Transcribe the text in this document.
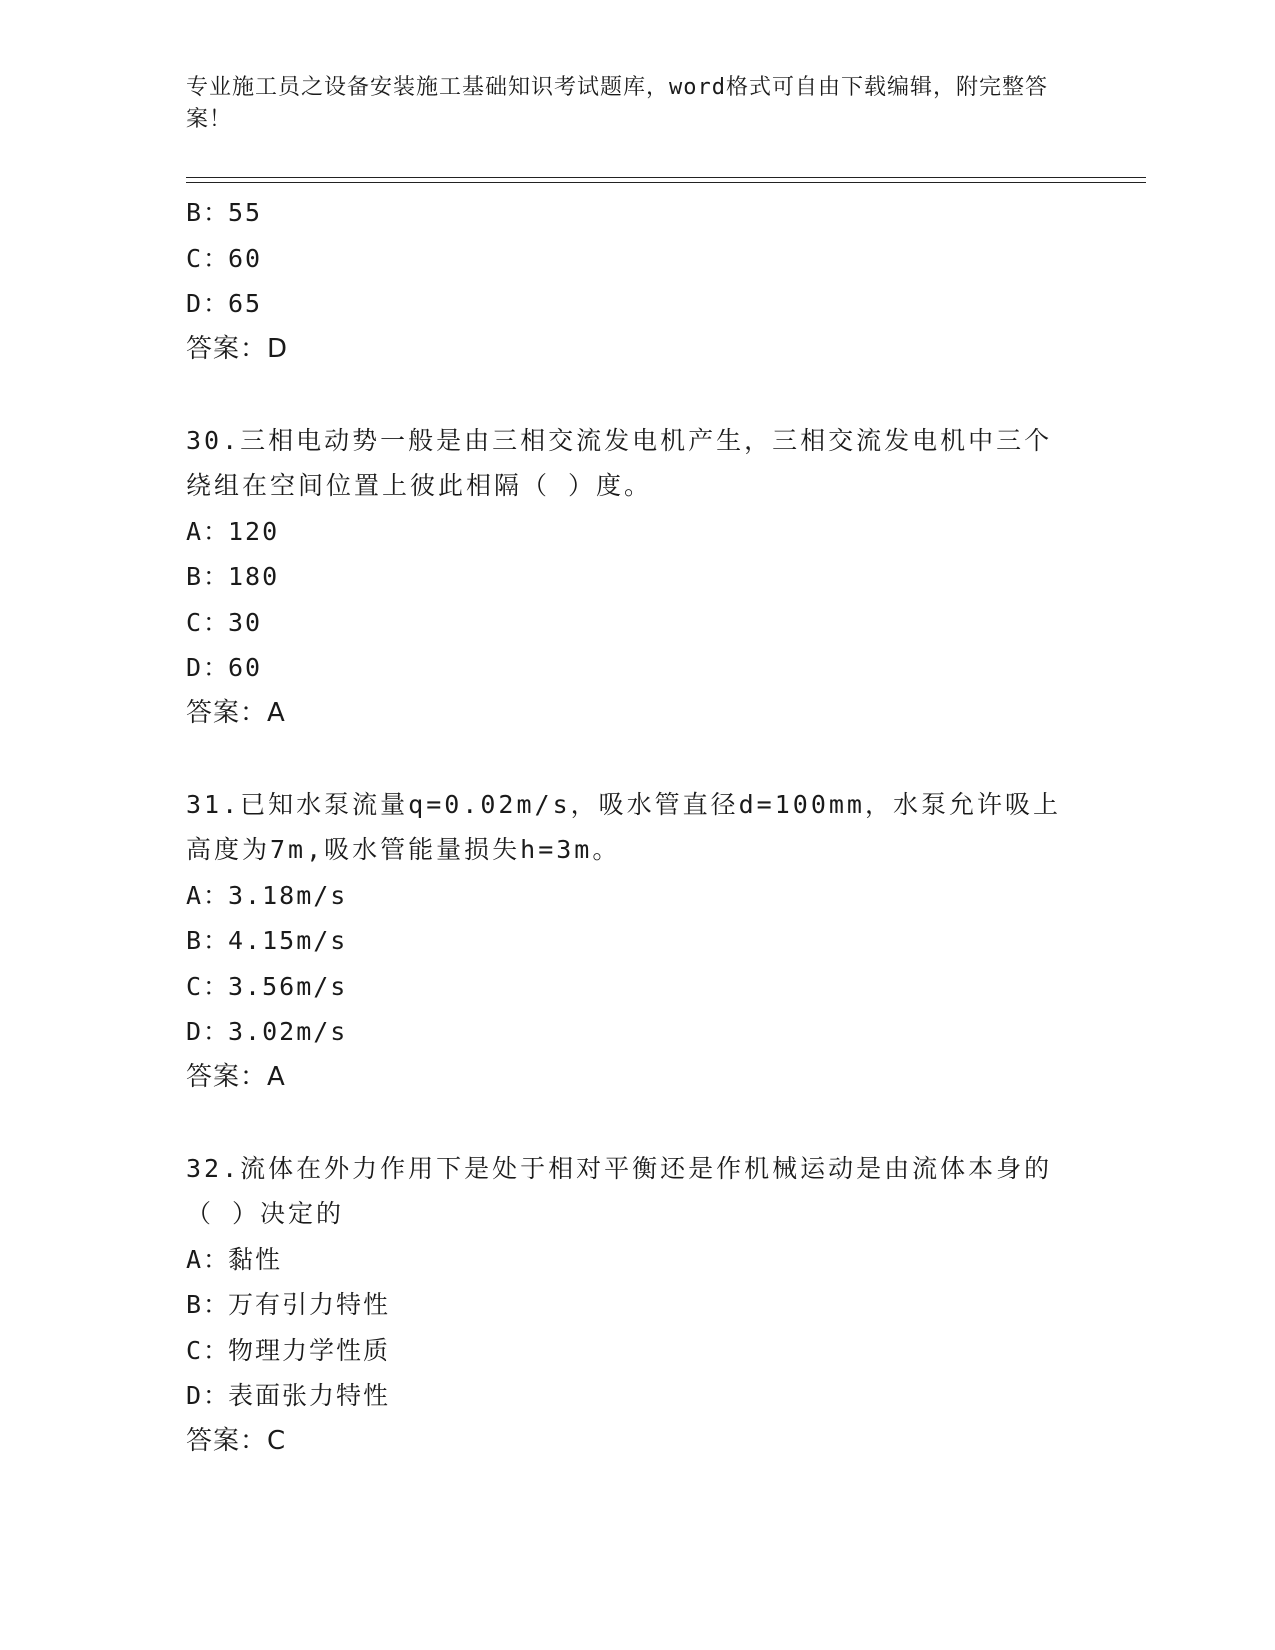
专业施工员之设备安装施工基础知识考试题库，word格式可自由下载编辑，附完整答案！
B：55
C：60
D：65
答案：D
30.三相电动势一般是由三相交流发电机产生，三相交流发电机中三个绕组在空间位置上彼此相隔（ ）度。
A：120
B：180
C：30
D：60
答案：A
31.已知水泵流量q=0.02m/s，吸水管直径d=100mm，水泵允许吸上高度为7m,吸水管能量损失h=3m。
A：3.18m/s
B：4.15m/s
C：3.56m/s
D：3.02m/s
答案：A
32.流体在外力作用下是处于相对平衡还是作机械运动是由流体本身的（ ）决定的
A：黏性
B：万有引力特性
C：物理力学性质
D：表面张力特性
答案：C
